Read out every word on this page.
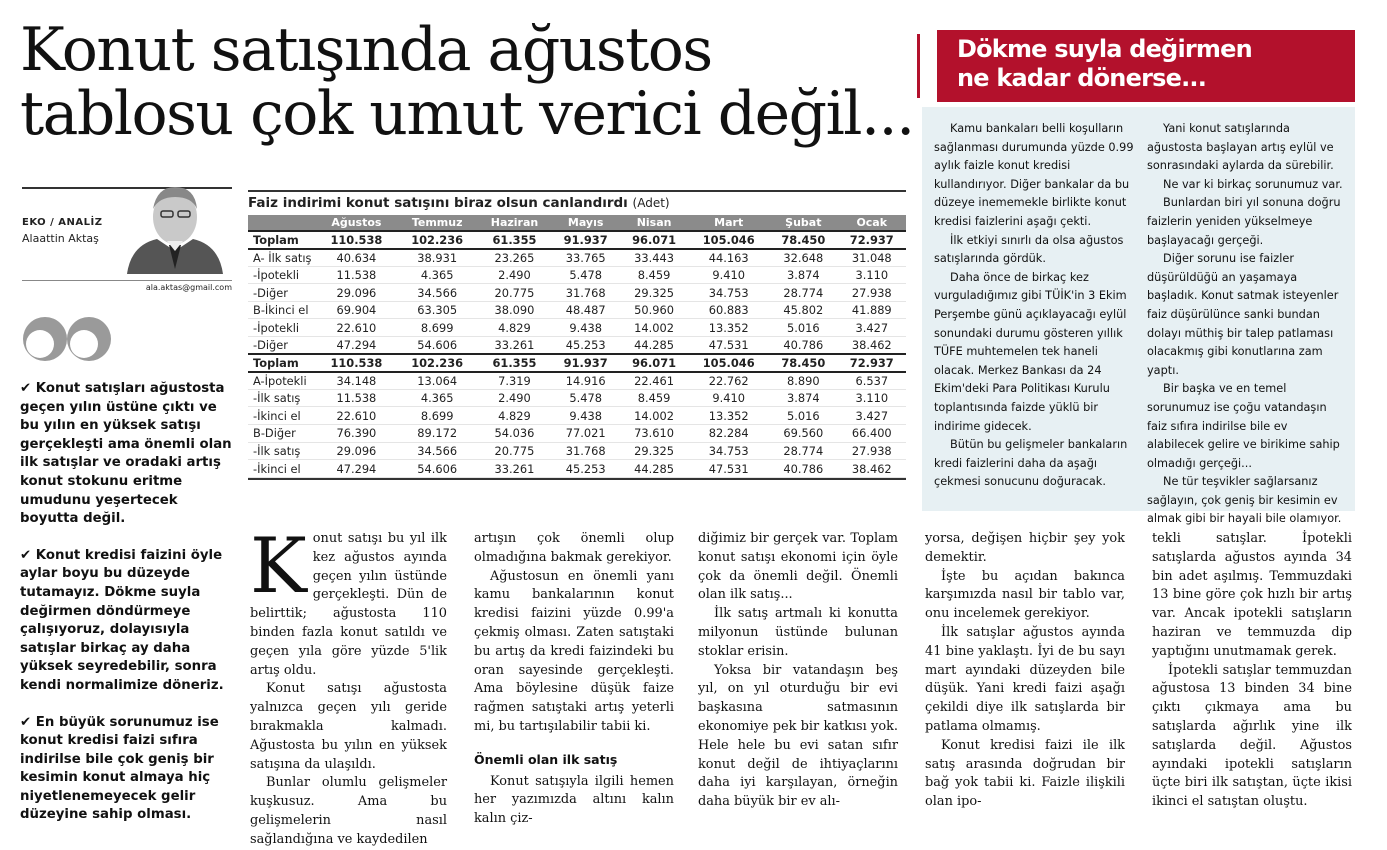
Konut satışında ağustos tablosu çok umut verici değil...
EKO / ANALİZ
Alaattin Aktaş
ala.aktas@gmail.com

✔ Konut satışları ağustosta geçen yılın üstüne çıktı ve bu yılın en yüksek satışı gerçekleşti ama önemli olan ilk satışlar ve oradaki artış konut stokunu eritme umudunu yeşertecek boyutta değil.

✔ Konut kredisi faizini öyle aylar boyu bu düzeyde tutamayız. Dökme suyla değirmen döndürmeye çalışıyoruz, dolayısıyla satışlar birkaç ay daha yüksek seyredebilir, sonra kendi normalimize döneriz.

✔ En büyük sorunumuz ise konut kredisi faizi sıfıra indirilse bile çok geniş bir kesimin konut almaya hiç niyetlenemeyecek gelir düzeyine sahip olması.

Faiz indirimi konut satışını biraz olsun canlandırdı (Adet)
	Ağustos	Temmuz	Haziran	Mayıs	Nisan	Mart	Şubat	Ocak
Toplam	110.538	102.236	61.355	91.937	96.071	105.046	78.450	72.937
A- İlk satış	40.634	38.931	23.265	33.765	33.443	44.163	32.648	31.048
-İpotekli	11.538	4.365	2.490	5.478	8.459	9.410	3.874	3.110
-Diğer	29.096	34.566	20.775	31.768	29.325	34.753	28.774	27.938
B-İkinci el	69.904	63.305	38.090	48.487	50.960	60.883	45.802	41.889
-İpotekli	22.610	8.699	4.829	9.438	14.002	13.352	5.016	3.427
-Diğer	47.294	54.606	33.261	45.253	44.285	47.531	40.786	38.462
Toplam	110.538	102.236	61.355	91.937	96.071	105.046	78.450	72.937
A-İpotekli	34.148	13.064	7.319	14.916	22.461	22.762	8.890	6.537
-İlk satış	11.538	4.365	2.490	5.478	8.459	9.410	3.874	3.110
-İkinci el	22.610	8.699	4.829	9.438	14.002	13.352	5.016	3.427
B-Diğer	76.390	89.172	54.036	77.021	73.610	82.284	69.560	66.400
-İlk satış	29.096	34.566	20.775	31.768	29.325	34.753	28.774	27.938
-İkinci el	47.294	54.606	33.261	45.253	44.285	47.531	40.786	38.462
Dökme suyla değirmen
ne kadar dönerse...

Kamu bankaları belli koşulların sağlanması durumunda yüzde 0.99 aylık faizle konut kredisi kullandırıyor. Diğer bankalar da bu düzeye inememekle birlikte konut kredisi faizlerini aşağı çekti.

İlk etkiyi sınırlı da olsa ağustos satışlarında gördük.

Daha önce de birkaç kez vurguladığımız gibi TÜİK'in 3 Ekim Perşembe günü açıklayacağı eylül sonundaki durumu gösteren yıllık TÜFE muhtemelen tek haneli olacak. Merkez Bankası da 24 Ekim'deki Para Politikası Kurulu toplantısında faizde yüklü bir indirime gidecek.

Bütün bu gelişmeler bankaların kredi faizlerini daha da aşağı çekmesi sonucunu doğuracak.

Yani konut satışlarında ağustosta başlayan artış eylül ve sonrasındaki aylarda da sürebilir.

Ne var ki birkaç sorunumuz var.

Bunlardan biri yıl sonuna doğru faizlerin yeniden yükselmeye başlayacağı gerçeği.

Diğer sorunu ise faizler düşürüldüğü an yaşamaya başladık. Konut satmak isteyenler faiz düşürülünce sanki bundan dolayı müthiş bir talep patlaması olacakmış gibi konutlarına zam yaptı.

Bir başka ve en temel sorunumuz ise çoğu vatandaşın faiz sıfıra indirilse bile ev alabilecek gelire ve birikime sahip olmadığı gerçeği...

Ne tür teşvikler sağlarsanız sağlayın, çok geniş bir kesimin ev almak gibi bir hayali bile olamıyor.

K onut satışı bu yıl ilk kez ağustos ayında geçen yılın üstünde gerçekleşti. Dün de belirttik; ağustosta 110 binden fazla konut satıldı ve geçen yıla göre yüzde 5'lik artış oldu.

Konut satışı ağustosta yalnızca geçen yılı geride bırakmakla kalmadı. Ağustosta bu yılın en yüksek satışına da ulaşıldı.

Bunlar olumlu gelişmeler kuşkusuz. Ama bu gelişmelerin nasıl sağlandığına ve kaydedilen

artışın çok önemli olup olmadığına bakmak gerekiyor.

Ağustosun en önemli yanı kamu bankalarının konut kredisi faizini yüzde 0.99'a çekmiş olması. Zaten satıştaki bu artış da kredi faizindeki bu oran sayesinde gerçekleşti. Ama böylesine düşük faize rağmen satıştaki artış yeterli mi, bu tartışılabilir tabii ki.

Önemli olan ilk satış

Konut satışıyla ilgili hemen her yazımızda altını kalın kalın çiz-

diğimiz bir gerçek var. Toplam konut satışı ekonomi için öyle çok da önemli değil. Önemli olan ilk satış...

İlk satış artmalı ki konutta milyonun üstünde bulunan stoklar erisin.

Yoksa bir vatandaşın beş yıl, on yıl oturduğu bir evi başkasına satmasının ekonomiye pek bir katkısı yok. Hele hele bu evi satan sıfır konut değil de ihtiyaçlarını daha iyi karşılayan, örneğin daha büyük bir ev alı-

yorsa, değişen hiçbir şey yok demektir.

İşte bu açıdan bakınca karşımızda nasıl bir tablo var, onu incelemek gerekiyor.

İlk satışlar ağustos ayında 41 bine yaklaştı. İyi de bu sayı mart ayındaki düzeyden bile düşük. Yani kredi faizi aşağı çekildi diye ilk satışlarda bir patlama olmamış.

Konut kredisi faizi ile ilk satış arasında doğrudan bir bağ yok tabii ki. Faizle ilişkili olan ipo-

tekli satışlar. İpotekli satışlarda ağustos ayında 34 bin adet aşılmış. Temmuzdaki 13 bine göre çok hızlı bir artış var. Ancak ipotekli satışların haziran ve temmuzda dip yaptığını unutmamak gerek.

İpotekli satışlar temmuzdan ağustosa 13 binden 34 bine çıktı çıkmaya ama bu satışlarda ağırlık yine ilk satışlarda değil. Ağustos ayındaki ipotekli satışların üçte biri ilk satıştan, üçte ikisi ikinci el satıştan oluştu.
